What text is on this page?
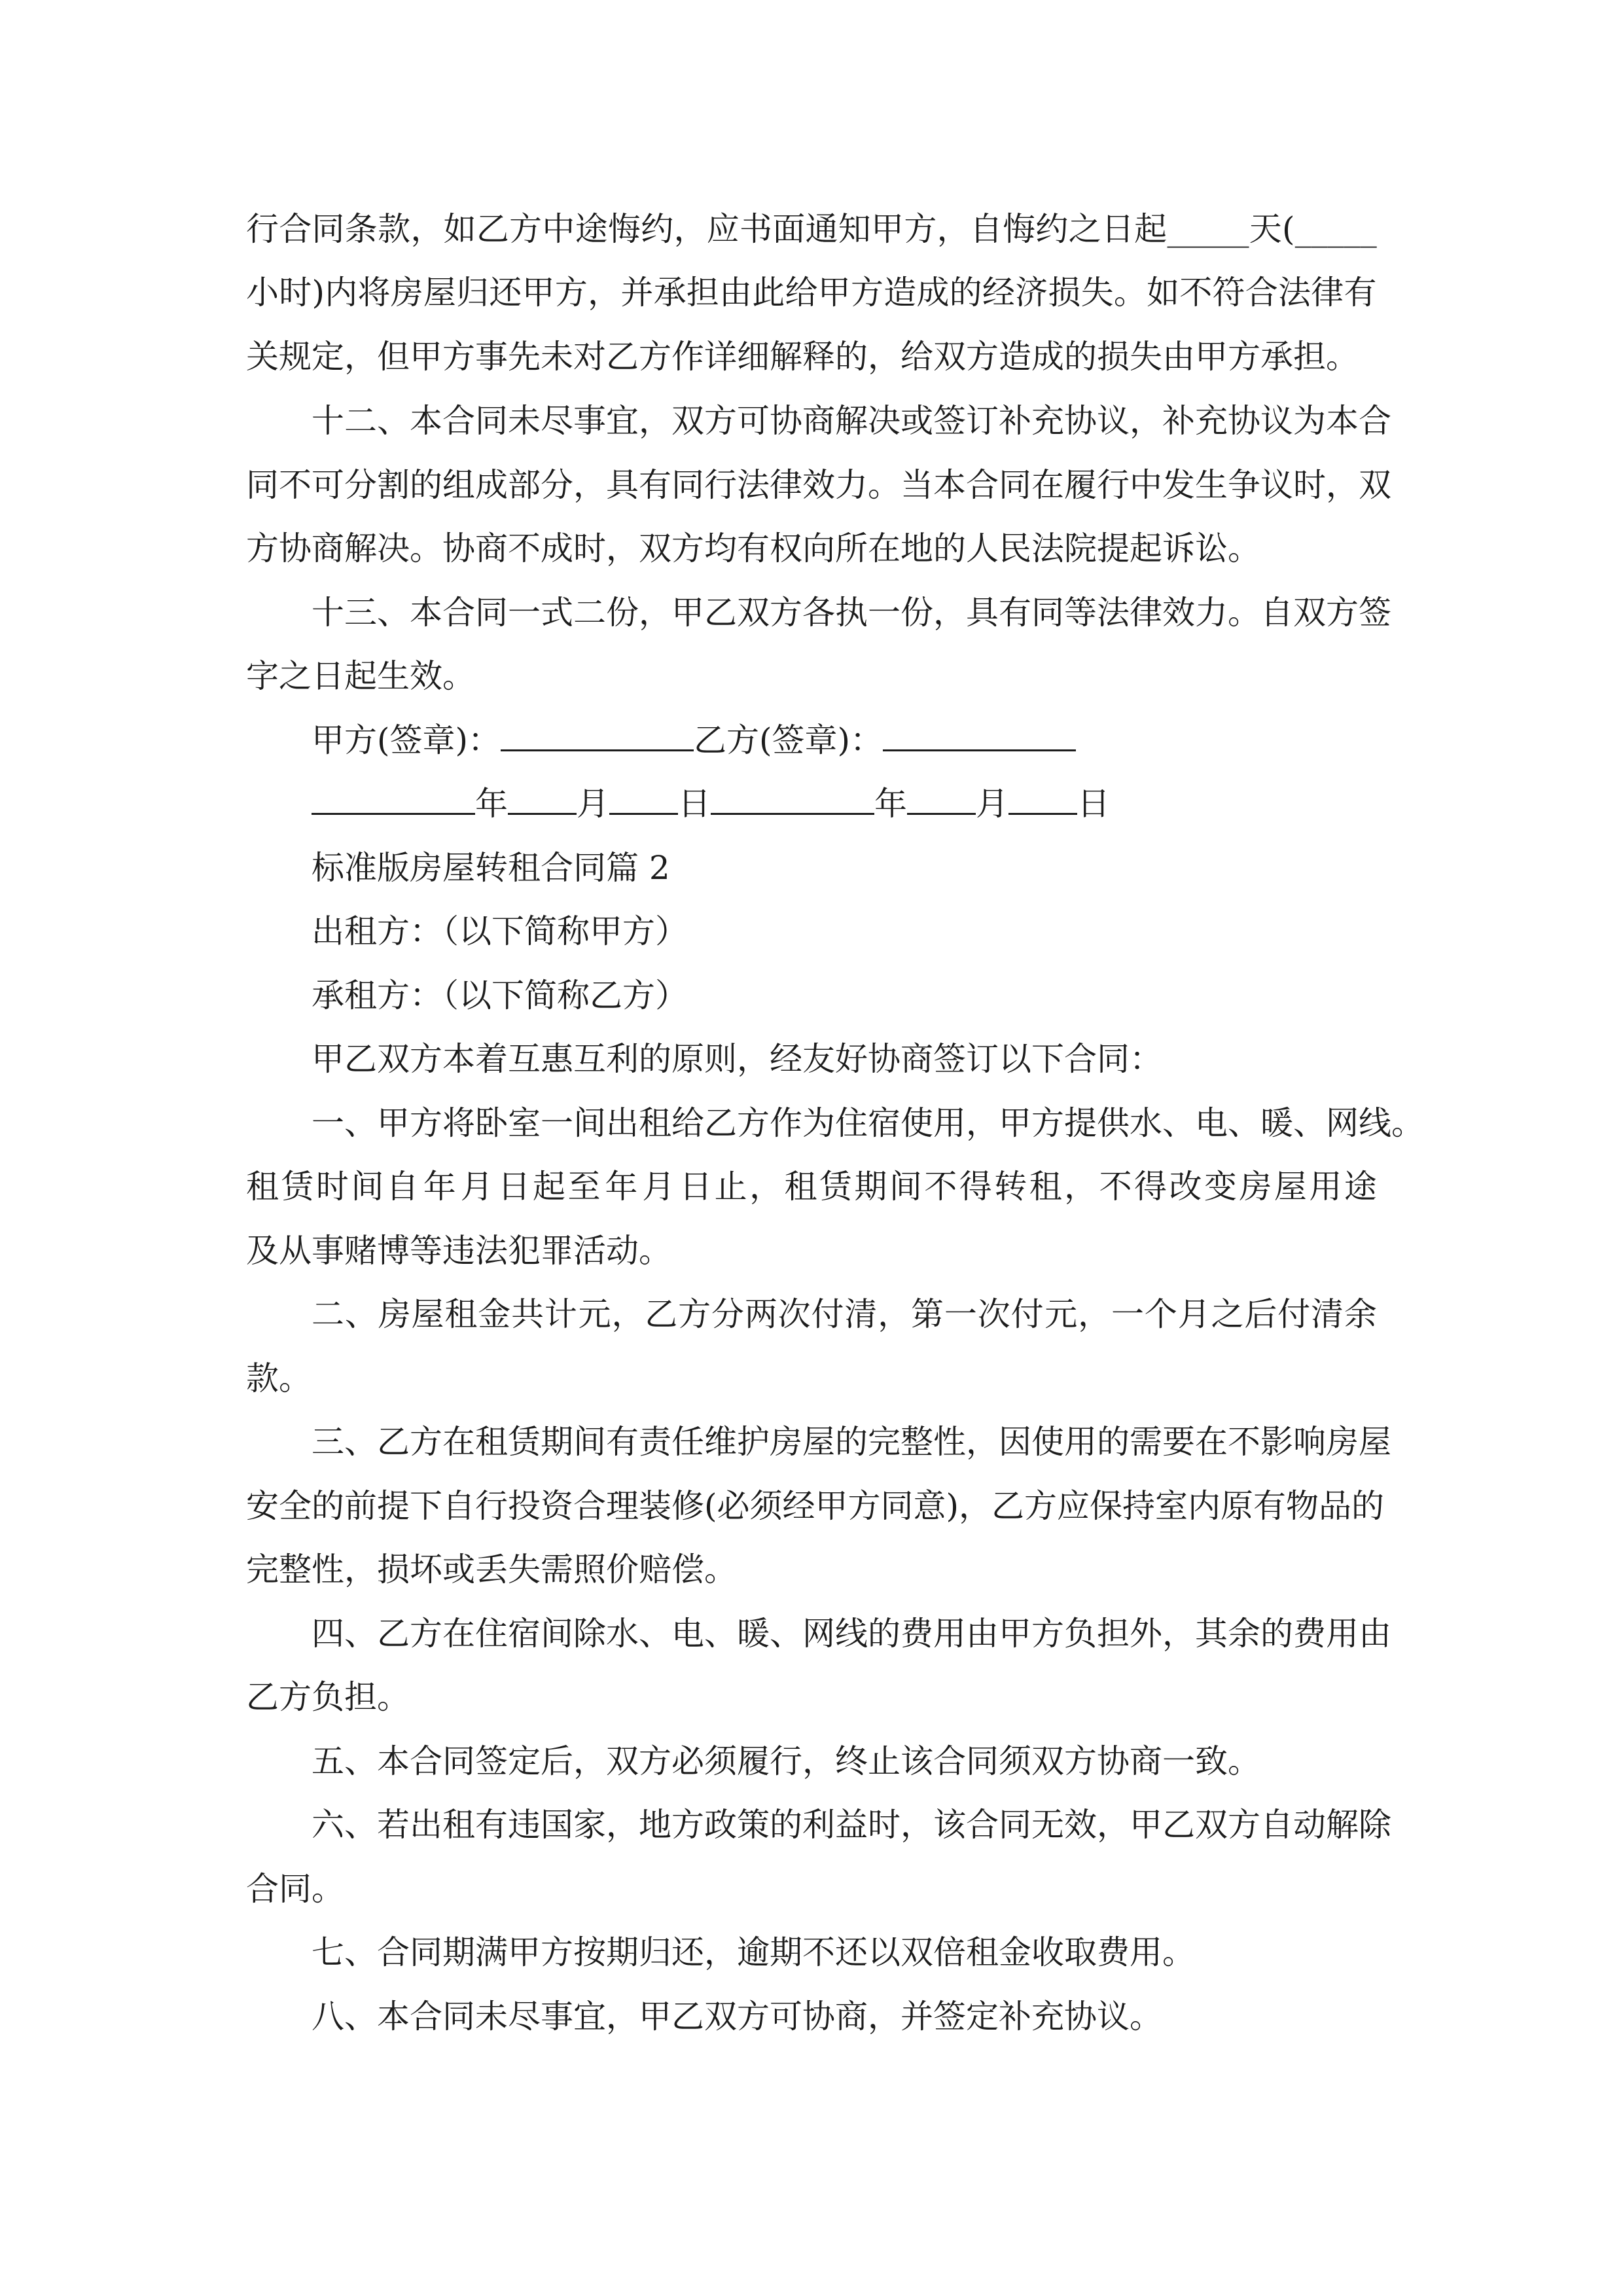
行 合 同 条 款 ， 如 乙 方 中 途 悔 约 ， 应 书 面 通 知 甲 方 ， 自 悔 约 之 日 起 _____ 天 ( _____
小 时 ) 内 将 房 屋 归 还 甲 方 ， 并 承 担 由 此 给 甲 方 造 成 的 经 济 损 失 。 如 不 符 合 法 律 有
关规定，但甲方事先未对乙方作详细解释的，给双方造成的损失由甲方承担。
十 二 、 本 合 同 未 尽 事 宜 ， 双 方 可 协 商 解 决 或 签 订 补 充 协 议 ， 补 充 协 议 为 本 合
同 不 可 分 割 的 组 成 部 分 ， 具 有 同 行 法 律 效 力 。 当 本 合 同 在 履 行 中 发 生 争 议 时 ， 双
方协商解决。协商不成时，双方均有权向所在地的人民法院提起诉讼。
十 三 、 本 合 同 一 式 二 份 ， 甲 乙 双 方 各 执 一 份 ， 具 有 同 等 法 律 效 力 。 自 双 方 签
字之日起生效。
甲方(签章)：	乙方(签章)：
年 月 日	年 月 日
标准版房屋转租合同篇 2
出租方：（以下简称甲方）
承租方：（以下简称乙方）
甲乙双方本着互惠互利的原则，经友好协商签订以下合同：
一 、 甲 方 将 卧 室 一 间 出 租 给 乙 方 作 为 住 宿 使 用 ， 甲 方 提 供 水 、 电 、 暖 、 网 线 。
租 赁 时 间 自 年 月 日 起 至 年 月 日 止 ， 租 赁 期 间 不 得 转 租 ， 不 得 改 变 房 屋 用 途
及从事赌博等违法犯罪活动。
二 、 房 屋 租 金 共 计 元 ， 乙 方 分 两 次 付 清 ， 第 一 次 付 元 ， 一 个 月 之 后 付 清 余
款。
三 、 乙 方 在 租 赁 期 间 有 责 任 维 护 房 屋 的 完 整 性 ， 因 使 用 的 需 要 在 不 影 响 房 屋
安 全 的 前 提 下 自 行 投 资 合 理 装 修 ( 必 须 经 甲 方 同 意 ) ， 乙 方 应 保 持 室 内 原 有 物 品 的
完整性，损坏或丢失需照价赔偿。
四 、 乙 方 在 住 宿 间 除 水 、 电 、 暖 、 网 线 的 费 用 由 甲 方 负 担 外 ， 其 余 的 费 用 由
乙方负担。
五、本合同签定后，双方必须履行，终止该合同须双方协商一致。
六 、 若 出 租 有 违 国 家 ， 地 方 政 策 的 利 益 时 ， 该 合 同 无 效 ， 甲 乙 双 方 自 动 解 除
合同。
七、合同期满甲方按期归还，逾期不还以双倍租金收取费用。
八、本合同未尽事宜，甲乙双方可协商，并签定补充协议。
